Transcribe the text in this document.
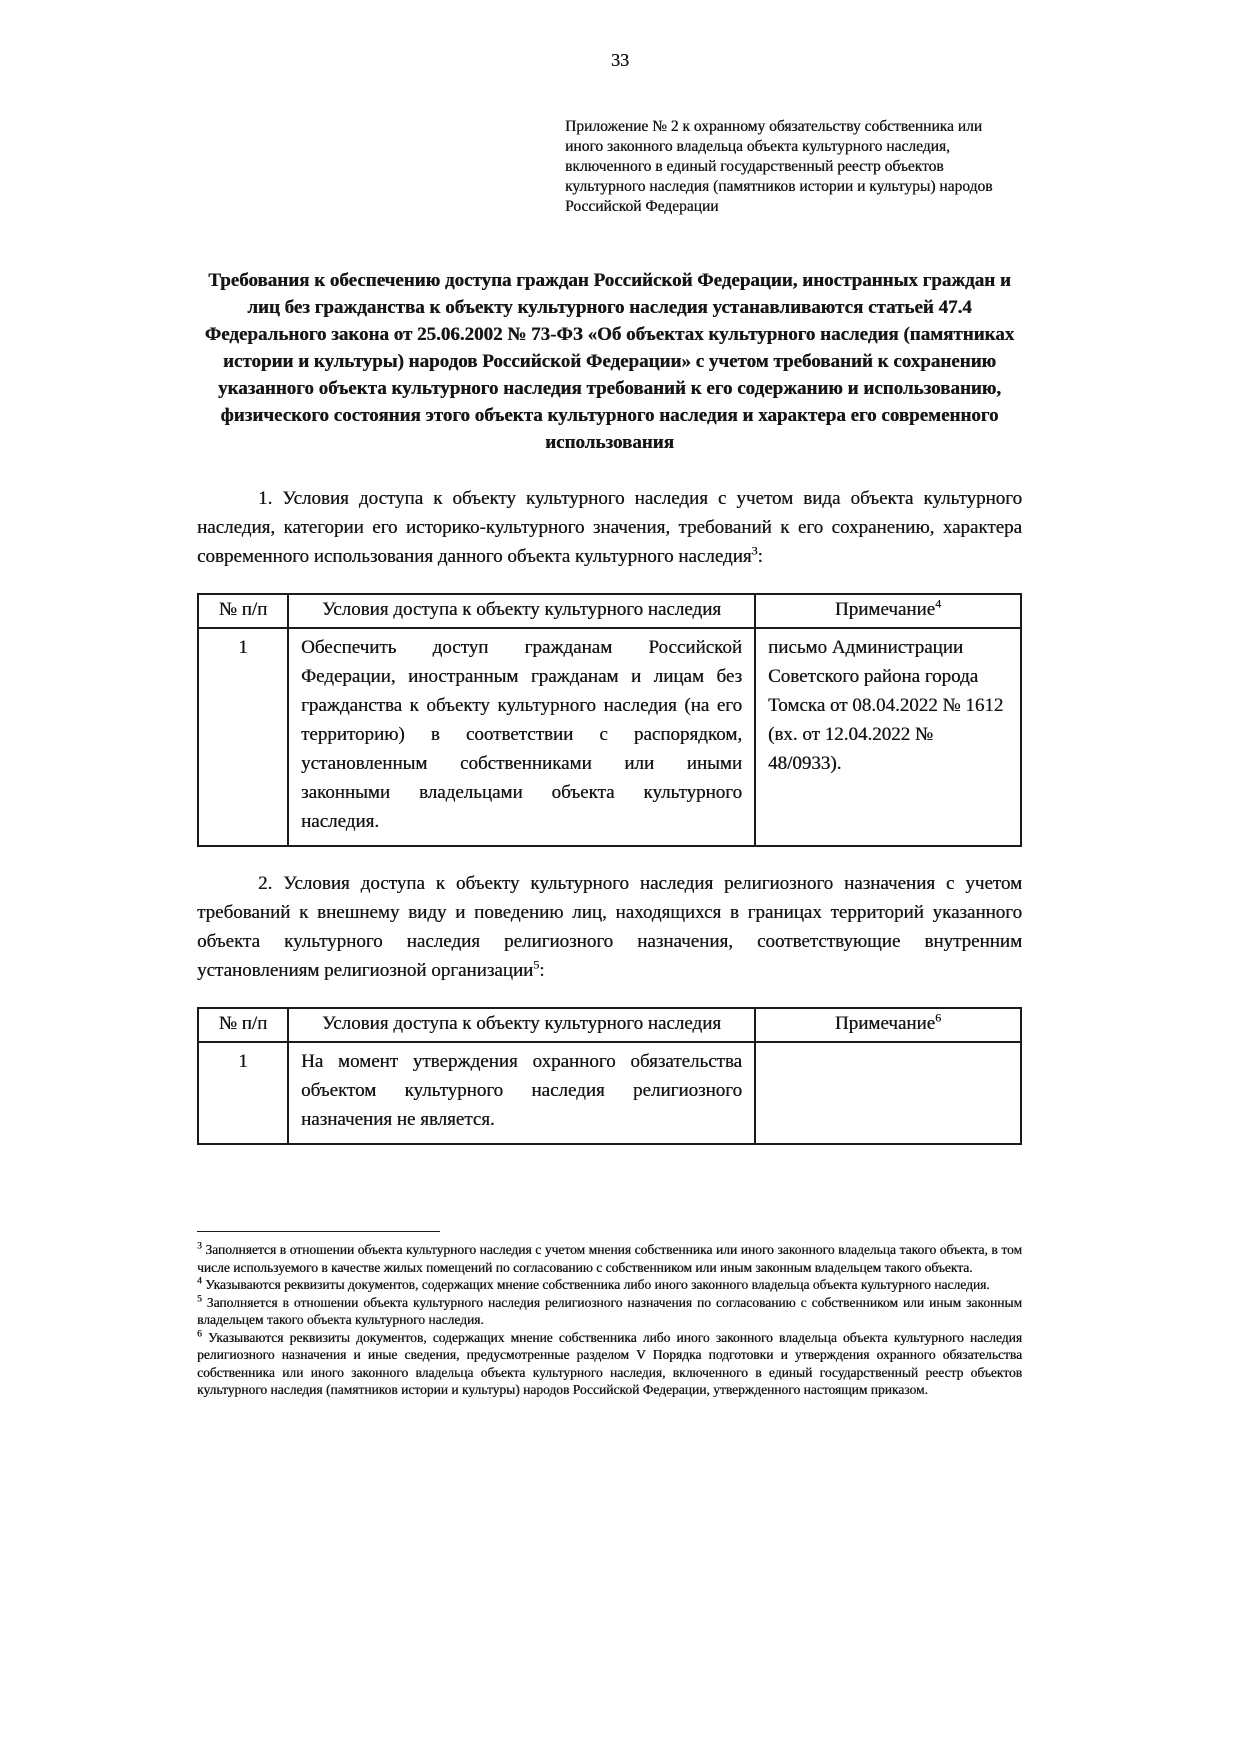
33
Приложение № 2 к охранному обязательству собственника или иного законного владельца объекта культурного наследия, включенного в единый государственный реестр объектов культурного наследия (памятников истории и культуры) народов Российской Федерации
Требования к обеспечению доступа граждан Российской Федерации, иностранных граждан и лиц без гражданства к объекту культурного наследия устанавливаются статьей 47.4 Федерального закона от 25.06.2002 № 73-ФЗ «Об объектах культурного наследия (памятниках истории и культуры) народов Российской Федерации» с учетом требований к сохранению указанного объекта культурного наследия требований к его содержанию и использованию, физического состояния этого объекта культурного наследия и характера его современного использования

1. Условия доступа к объекту культурного наследия с учетом вида объекта культурного наследия, категории его историко-культурного значения, требований к его сохранению, характера современного использования данного объекта культурного наследия$^3$:

№ п/п	Условия доступа к объекту культурного наследия	Примечание$^4$
1	Обеспечить доступ гражданам Российской Федерации, иностранным гражданам и лицам без гражданства к объекту культурного наследия (на его территорию) в соответствии с распорядком, установленным собственниками или иными законными владельцами объекта культурного наследия.	письмо Администрации Советского района города Томска от 08.04.2022 № 1612 (вх. от 12.04.2022 № 48/0933).

2. Условия доступа к объекту культурного наследия религиозного назначения с учетом требований к внешнему виду и поведению лиц, находящихся в границах территорий указанного объекта культурного наследия религиозного назначения, соответствующие внутренним установлениям религиозной организации$^5$:

№ п/п	Условия доступа к объекту культурного наследия	Примечание$^6$
1	На момент утверждения охранного обязательства объектом культурного наследия религиозного назначения не является.	

$^3$ Заполняется в отношении объекта культурного наследия с учетом мнения собственника или иного законного владельца такого объекта, в том числе используемого в качестве жилых помещений по согласованию с собственником или иным законным владельцем такого объекта.

$^4$ Указываются реквизиты документов, содержащих мнение собственника либо иного законного владельца объекта культурного наследия.

$^5$ Заполняется в отношении объекта культурного наследия религиозного назначения по согласованию с собственником или иным законным владельцем такого объекта культурного наследия.

$^6$ Указываются реквизиты документов, содержащих мнение собственника либо иного законного владельца объекта культурного наследия религиозного назначения и иные сведения, предусмотренные разделом V Порядка подготовки и утверждения охранного обязательства собственника или иного законного владельца объекта культурного наследия, включенного в единый государственный реестр объектов культурного наследия (памятников истории и культуры) народов Российской Федерации, утвержденного настоящим приказом.
